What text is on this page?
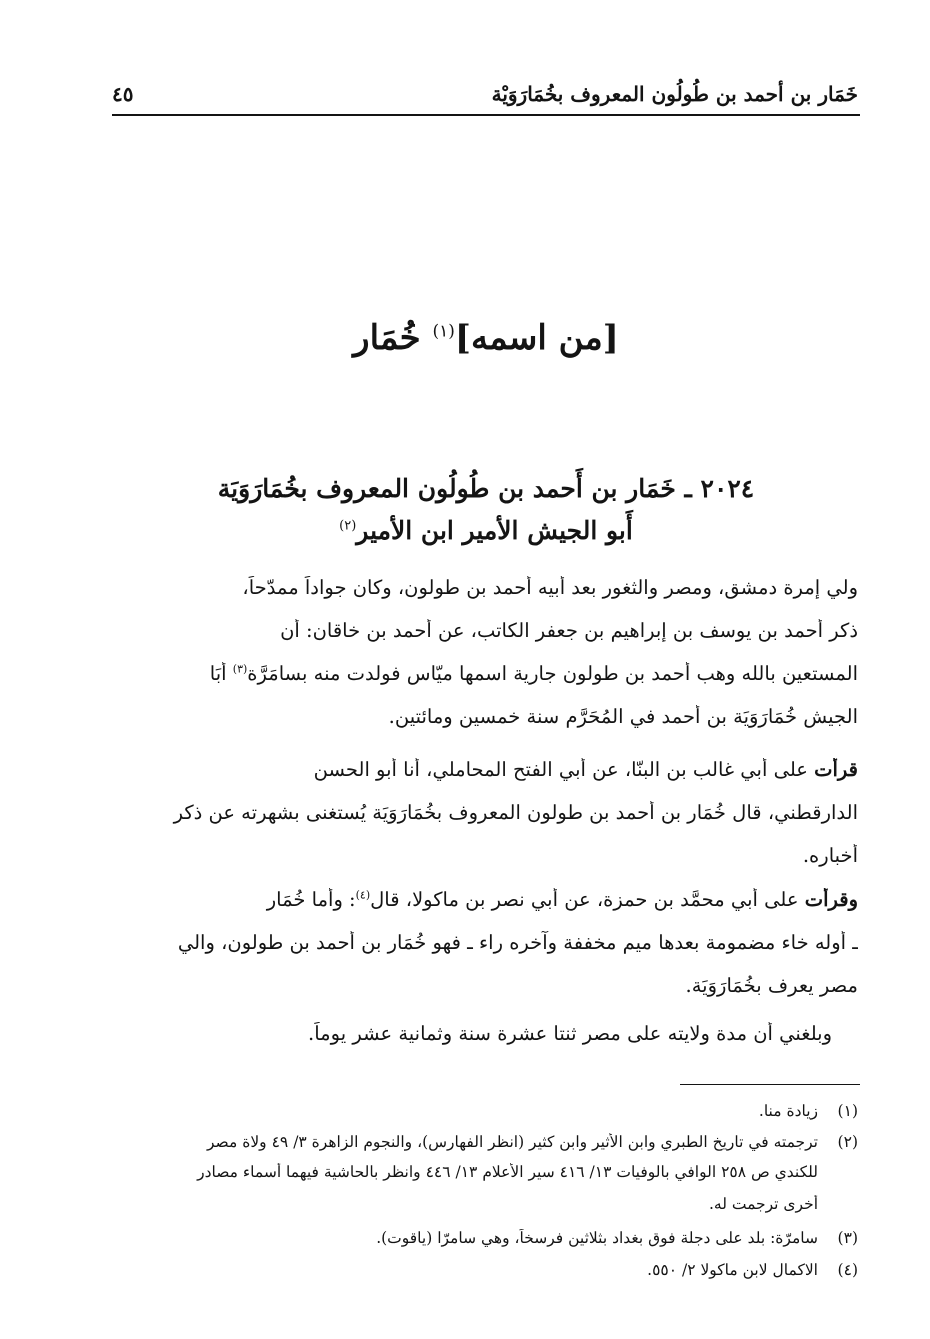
خَمَار بن أحمد بن طُولُون المعروف بخُمَارَوَيْة
٤٥
[من اسمه]$^{(١)}$ خُمَار
٢٠٢٤ ـ خَمَار بن أَحمد بن طُولُون المعروف بخُمَارَوَيَة
أَبو الجيش الأمير ابن الأمير$^{(٢)}$
ولي إمرة دمشق، ومصر والثغور بعد أَبيه أَحمد بن طولون، وكان جواداً ممدّحاً،
ذكر أَحمد بن يوسف بن إبراهيم بن جعفر الكاتب، عن أَحمد بن خاقان: أن
المستعين بالله وهب أَحمد بن طولون جارية اسمها ميّاس فولدت منه بسامَرَّة$^{(٣)}$ أَبَا
الجيش خُمَارَوَيَة بن أَحمد في المُحَرَّم سنة خمسين ومائتين.
قرأت على أَبي غالب بن البنّا، عن أَبي الفتح المحاملي، أنا أَبو الحسن
الدارقطني، قال خُمَار بن أَحمد بن طولون المعروف بخُمَارَوَيَة يُستغنى بشهرته عن ذكر
أخباره.
وقرأت على أَبي محمَّد بن حمزة، عن أَبي نصر بن ماكولا، قال$^{(٤)}$: وأما خُمَار
ـ أوله خاء مضمومة بعدها ميم مخففة وآخره راء ـ فهو خُمَار بن أَحمد بن طولون، والي
مصر يعرف بخُمَارَوَيَة.
وبلغني أن مدة ولايته على مصر ثنتا عشرة سنة وثمانية عشر يوماً.
(١)زيادة منا.
(٢)ترجمته في تاريخ الطبري وابن الأثير وابن كثير (انظر الفهارس)، والنجوم الزاهرة ٣/ ٤٩ ولاة مصر
للكندي ص ٢٥٨ الوافي بالوفيات ١٣/ ٤١٦ سير الأعلام ١٣/ ٤٤٦ وانظر بالحاشية فيهما أسماء مصادر
أخرى ترجمت له.
(٣)سامرّة: بلد على دجلة فوق بغداد بثلاثين فرسخاً، وهي سامرّا (ياقوت).
(٤)الاكمال لابن ماكولا ٢/ ٥٥٠.
